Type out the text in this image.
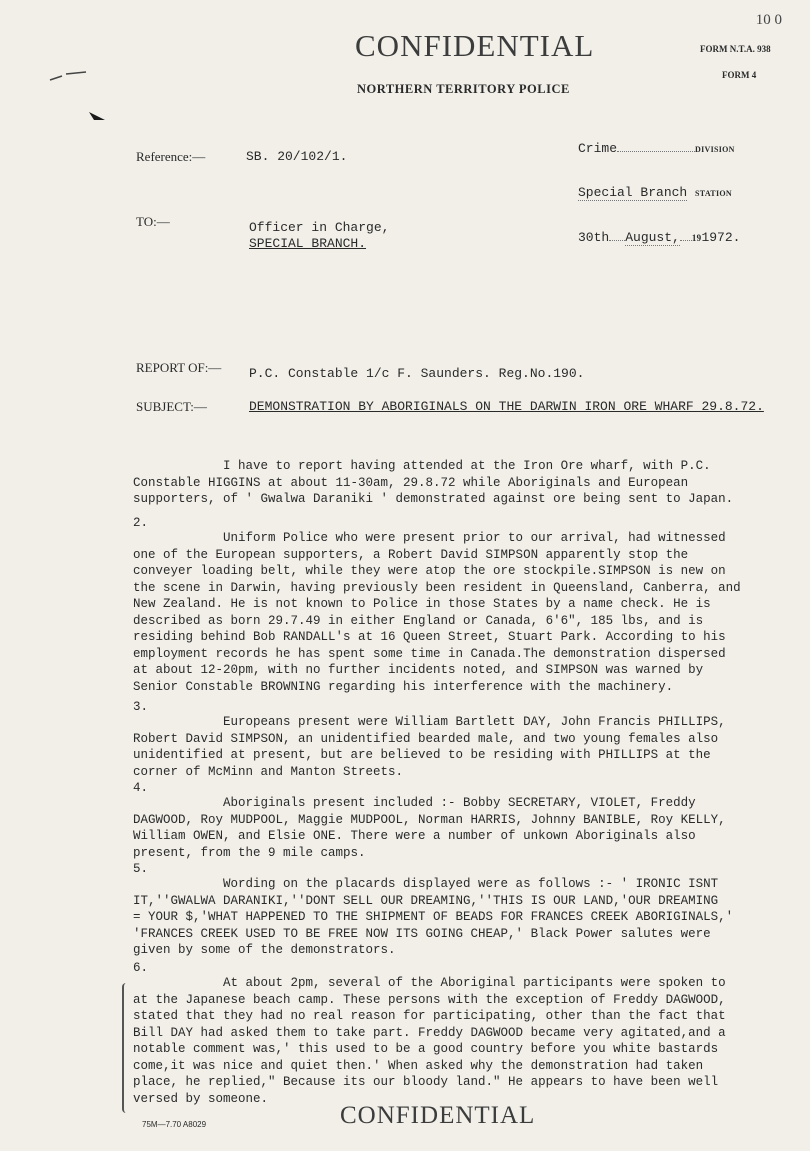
10 0
CONFIDENTIAL	FORM N.T.A. 938
FORM 4
NORTHERN TERRITORY POLICE
Reference:—	SB. 20/102/1.
Crime	DIVISION
Special Branch STATION
TO:—	Officer in Charge,
SPECIAL BRANCH.	30th August, 191972.
REPORT OF:— P.C. Constable 1/c F. Saunders. Reg.No.190.
SUBJECT:—	DEMONSTRATION BY ABORIGINALS ON THE DARWIN IRON ORE WHARF 29.8.72.
I have to report having attended at the Iron Ore wharf, with P.C.
Constable HIGGINS at about 11-30am, 29.8.72 while Aboriginals and European
supporters, of ' Gwalwa Daraniki ' demonstrated against ore being sent to Japan.
2.
Uniform Police who were present prior to our arrival, had witnessed
one of the European supporters, a Robert David SIMPSON apparently stop the
conveyer loading belt, while they were atop the ore stockpile.SIMPSON is new on
the scene in Darwin, having previously been resident in Queensland, Canberra, and
New Zealand. He is not known to Police in those States by a name check. He is
described as born 29.7.49 in either England or Canada, 6'6", 185 lbs, and is
residing behind Bob RANDALL's at 16 Queen Street, Stuart Park. According to his
employment records he has spent some time in Canada.The demonstration dispersed
at about 12-20pm, with no further incidents noted, and SIMPSON was warned by
Senior Constable BROWNING regarding his interference with the machinery.
3.
Europeans present were William Bartlett DAY, John Francis PHILLIPS,
Robert David SIMPSON, an unidentified bearded male, and two young females also
unidentified at present, but are believed to be residing with PHILLIPS at the
corner of McMinn and Manton Streets.
4.
Aboriginals present included :- Bobby SECRETARY, VIOLET, Freddy
DAGWOOD, Roy MUDPOOL, Maggie MUDPOOL, Norman HARRIS, Johnny BANIBLE, Roy KELLY,
William OWEN, and Elsie ONE. There were a number of unkown Aboriginals also
present, from the 9 mile camps.
5.
Wording on the placards displayed were as follows :- ' IRONIC ISNT
IT,''GWALWA DARANIKI,''DONT SELL OUR DREAMING,''THIS IS OUR LAND,'OUR DREAMING
= YOUR $,'WHAT HAPPENED TO THE SHIPMENT OF BEADS FOR FRANCES CREEK ABORIGINALS,'
'FRANCES CREEK USED TO BE FREE NOW ITS GOING CHEAP,' Black Power salutes were
given by some of the demonstrators.
6.
At about 2pm, several of the Aboriginal participants were spoken to
at the Japanese beach camp. These persons with the exception of Freddy DAGWOOD,
stated that they had no real reason for participating, other than the fact that
Bill DAY had asked them to take part. Freddy DAGWOOD became very agitated,and a
notable comment was,' this used to be a good country before you white bastards
come,it was nice and quiet then.' When asked why the demonstration had taken
place, he replied," Because its our bloody land." He appears to have been well
versed by someone.
CONFIDENTIAL
75M—7.70 A8029
